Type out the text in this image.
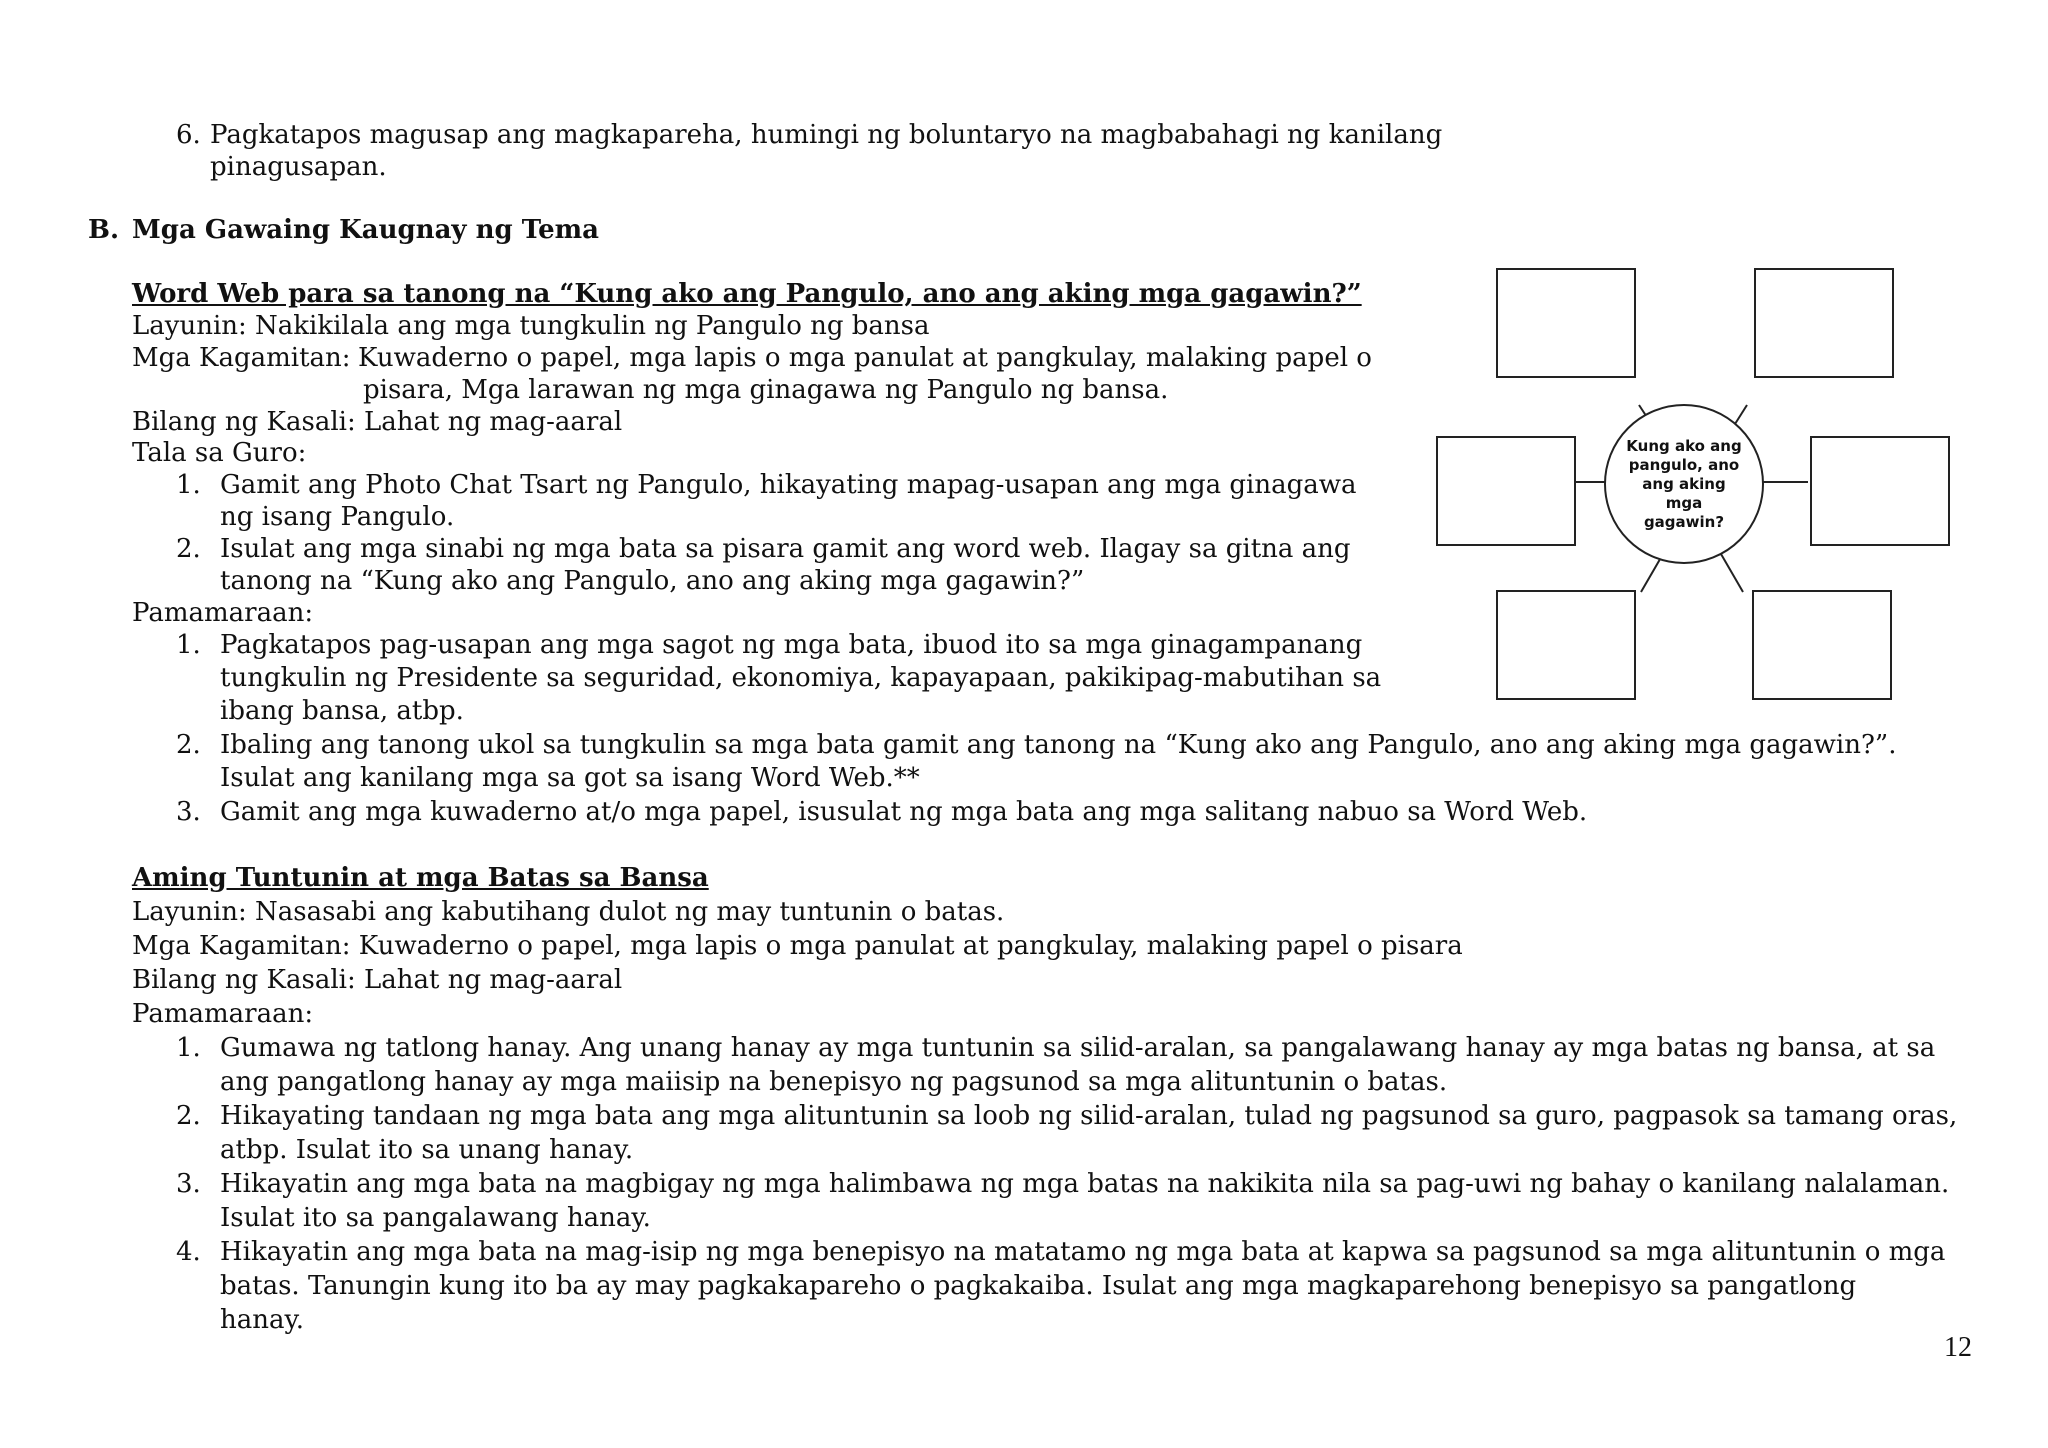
6. Pagkatapos magusap ang magkapareha, humingi ng boluntaryo na magbabahagi ng kanilang
pinagusapan.
B. Mga Gawaing Kaugnay ng Tema
Word Web para sa tanong na “Kung ako ang Pangulo, ano ang aking mga gagawin?”
Layunin: Nakikilala ang mga tungkulin ng Pangulo ng bansa
Mga Kagamitan: Kuwaderno o papel, mga lapis o mga panulat at pangkulay, malaking papel o
pisara, Mga larawan ng mga ginagawa ng Pangulo ng bansa.
Bilang ng Kasali: Lahat ng mag-aaral
Tala sa Guro:
1. Gamit ang Photo Chat Tsart ng Pangulo, hikayating mapag-usapan ang mga ginagawa
ng isang Pangulo.
2. Isulat ang mga sinabi ng mga bata sa pisara gamit ang word web. Ilagay sa gitna ang
tanong na “Kung ako ang Pangulo, ano ang aking mga gagawin?”
Pamamaraan:
1. Pagkatapos pag-usapan ang mga sagot ng mga bata, ibuod ito sa mga ginagampanang
tungkulin ng Presidente sa seguridad, ekonomiya, kapayapaan, pakikipag-mabutihan sa
ibang bansa, atbp.
2. Ibaling ang tanong ukol sa tungkulin sa mga bata gamit ang tanong na “Kung ako ang Pangulo, ano ang aking mga gagawin?”.
Isulat ang kanilang mga sa got sa isang Word Web.**
3. Gamit ang mga kuwaderno at/o mga papel, isusulat ng mga bata ang mga salitang nabuo sa Word Web.
Kung ako ang pangulo, ano ang aking mga gagawin?
Aming Tuntunin at mga Batas sa Bansa
Layunin: Nasasabi ang kabutihang dulot ng may tuntunin o batas.
Mga Kagamitan: Kuwaderno o papel, mga lapis o mga panulat at pangkulay, malaking papel o pisara
Bilang ng Kasali: Lahat ng mag-aaral
Pamamaraan:
1. Gumawa ng tatlong hanay. Ang unang hanay ay mga tuntunin sa silid-aralan, sa pangalawang hanay ay mga batas ng bansa, at sa
ang pangatlong hanay ay mga maiisip na benepisyo ng pagsunod sa mga alituntunin o batas.
2. Hikayating tandaan ng mga bata ang mga alituntunin sa loob ng silid-aralan, tulad ng pagsunod sa guro, pagpasok sa tamang oras,
atbp. Isulat ito sa unang hanay.
3. Hikayatin ang mga bata na magbigay ng mga halimbawa ng mga batas na nakikita nila sa pag-uwi ng bahay o kanilang nalalaman.
Isulat ito sa pangalawang hanay.
4. Hikayatin ang mga bata na mag-isip ng mga benepisyo na matatamo ng mga bata at kapwa sa pagsunod sa mga alituntunin o mga
batas. Tanungin kung ito ba ay may pagkakapareho o pagkakaiba. Isulat ang mga magkaparehong benepisyo sa pangatlong
hanay.
12
